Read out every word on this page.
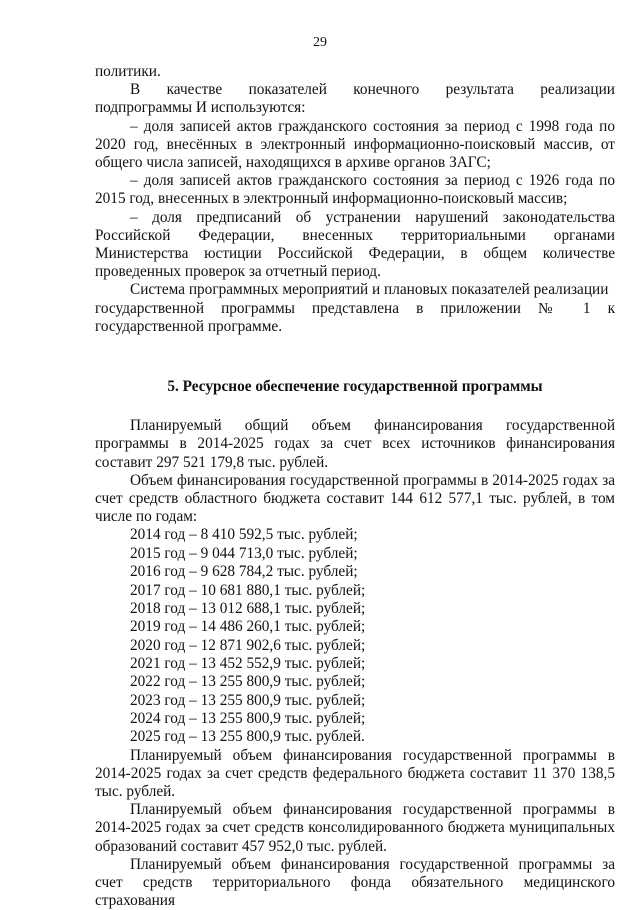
29

политики.

В качестве показателей конечного результата реализации

подпрограммы И используются:

– доля записей актов гражданского состояния за период с 1998 года по 2020 год, внесённых в электронный информационно-поисковый массив, от общего числа записей, находящихся в архиве органов ЗАГС;

– доля записей актов гражданского состояния за период с 1926 года по 2015 год, внесенных в электронный информационно-поисковый массив;

– доля предписаний об устранении нарушений законодательства Российской Федерации, внесенных территориальными органами Министерства юстиции Российской Федерации, в общем количестве проведенных проверок за отчетный период.

Система программных мероприятий и плановых показателей реализации

государственной программы представлена в приложении № 1 к

государственной программе.

5. Ресурсное обеспечение государственной программы

Планируемый общий объем финансирования государственной программы в 2014-2025 годах за счет всех источников финансирования составит 297 521 179,8 тыс. рублей.

Объем финансирования государственной программы в 2014-2025 годах за счет средств областного бюджета составит 144 612 577,1 тыс. рублей, в том числе по годам:

2014 год – 8 410 592,5 тыс. рублей;
2015 год – 9 044 713,0 тыс. рублей;
2016 год – 9 628 784,2 тыс. рублей;
2017 год – 10 681 880,1 тыс. рублей;
2018 год – 13 012 688,1 тыс. рублей;
2019 год – 14 486 260,1 тыс. рублей;
2020 год – 12 871 902,6 тыс. рублей;
2021 год – 13 452 552,9 тыс. рублей;
2022 год – 13 255 800,9 тыс. рублей;
2023 год – 13 255 800,9 тыс. рублей;
2024 год – 13 255 800,9 тыс. рублей;
2025 год – 13 255 800,9 тыс. рублей.

Планируемый объем финансирования государственной программы в 2014-2025 годах за счет средств федерального бюджета составит 11 370 138,5 тыс. рублей.

Планируемый объем финансирования государственной программы в 2014-2025 годах за счет средств консолидированного бюджета муниципальных образований составит 457 952,0 тыс. рублей.

Планируемый объем финансирования государственной программы за счет средств территориального фонда обязательного медицинского страхования
